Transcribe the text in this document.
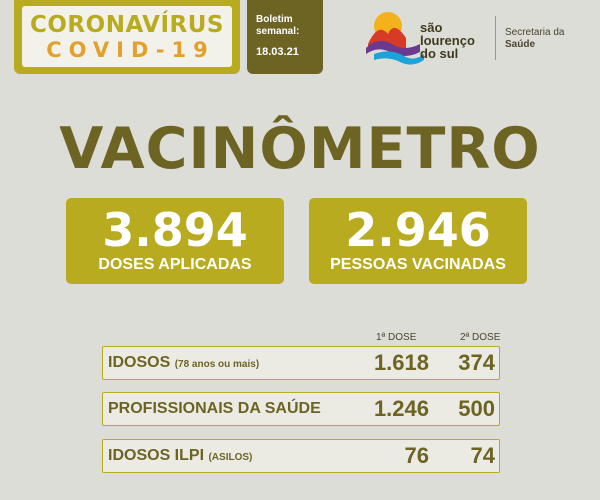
CORONAVÍRUS
COVID-19
Boletim semanal:
18.03.21
são lourenço
do sul
Secretaria da
Saúde
VACINÔMETRO
3.894
DOSES APLICADAS
2.946
PESSOAS VACINADAS
1ª DOSE	2ª DOSE
IDOSOS (78 anos ou mais)	1.618	374
PROFISSIONAIS DA SAÚDE	1.246	500
IDOSOS ILPI (ASILOS)	76	74
